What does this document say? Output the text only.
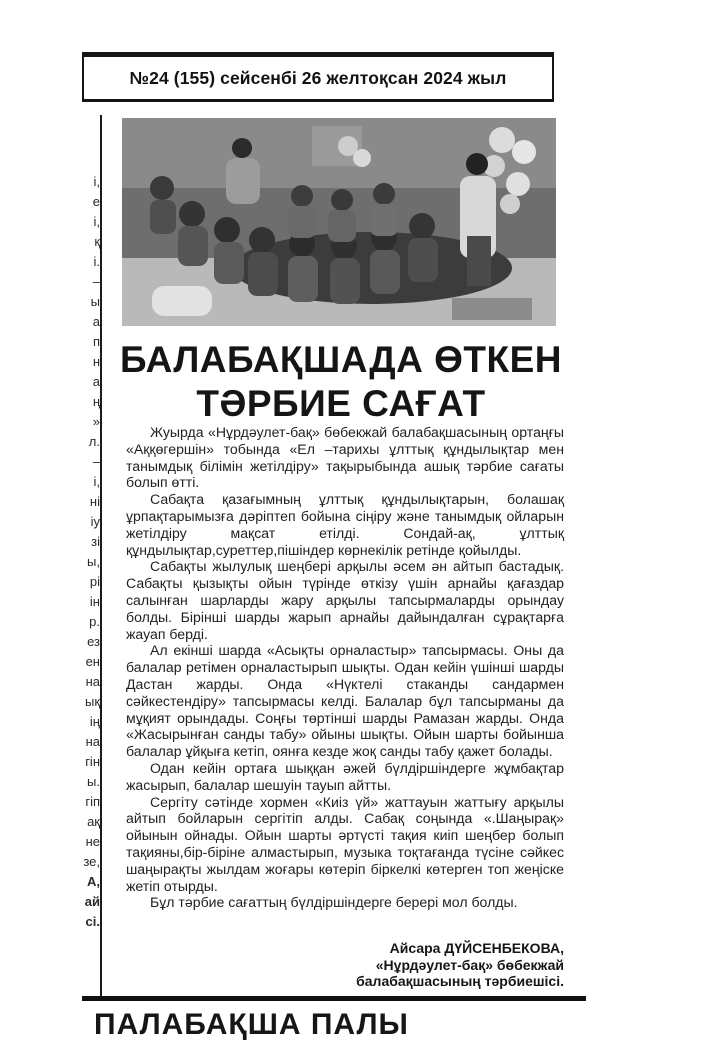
№24 (155) сейсенбі 26 желтоқсан 2024 жыл
і,
е
і,
қ
і.
–
ы
а
п
н
а
ң
»
л.
–
і,
ні
іу
зі
ы,
рі
ін
р.
ез
ен
на
ық
ің
на
гін
ы.
гіп
ақ
не
зе,
А,
ай
сі.
БАЛАБАҚШАДА ӨТКЕН
ТӘРБИЕ САҒАТ

Жуырда «Нұрдәулет-бақ» бөбекжай балабақшасының ортаңғы «Аққөгершін» тобында «Ел –тарихы ұлттық құндылықтар мен танымдық білімін жетілдіру» тақырыбында ашық тәрбие сағаты болып өтті.

Сабақта қазағымның ұлттық құндылықтарын, болашақ ұрпақтарымызға дәріптеп бойына сіңіру және танымдық ойларын жетілдіру мақсат етілді. Сондай-ақ, ұлттық құндылықтар,суреттер,пішіндер көрнекілік ретінде қойылды.

Сабақты жылулық шеңбері арқылы әсем ән айтып бастадық. Сабақты қызықты ойын түрінде өткізу үшін арнайы қағаздар салынған шарларды жару арқылы тапсырмаларды орындау болды. Бірінші шарды жарып арнайы дайындалған сұрақтарға жауап берді.

Ал екінші шарда «Асықты орналастыр» тапсырмасы. Оны да балалар ретімен орналастырып шықты. Одан кейін үшінші шарды Дастан жарды. Онда «Нүктелі стаканды сандармен сәйкестендіру» тапсырмасы келді. Балалар бұл тапсырманы да мұқият орындады. Соңғы төртінші шарды Рамазан жарды. Онда «Жасырынған санды табу» ойыны шықты. Ойын шарты бойынша балалар ұйқыға кетіп, оянға кезде жоқ санды табу қажет болады.

Одан кейін ортаға шыққан әжей бүлдіршіндерге жұмбақтар жасырып, балалар шешуін тауып айтты.

Сергіту сәтінде хормен «Киіз үй» жаттауын жаттығу арқылы айтып бойларын сергітіп алды. Сабақ соңында «.Шаңырақ» ойынын ойнады. Ойын шарты әртүсті тақия киіп шеңбер болып тақияны,бір-біріне алмастырып, музыка тоқтағанда түсіне сәйкес шаңырақты жылдам жоғары көтеріп біркелкі көтерген топ жеңіске жетіп отырды.

Бұл тәрбие сағаттың бүлдіршіндерге берері мол болды.

Айсара ДҮЙСЕНБЕКОВА,
«Нұрдәулет-бақ» бөбекжай
балабақшасының тәрбиешісі.
ПАЛАБАҚША ПАЛЫ
